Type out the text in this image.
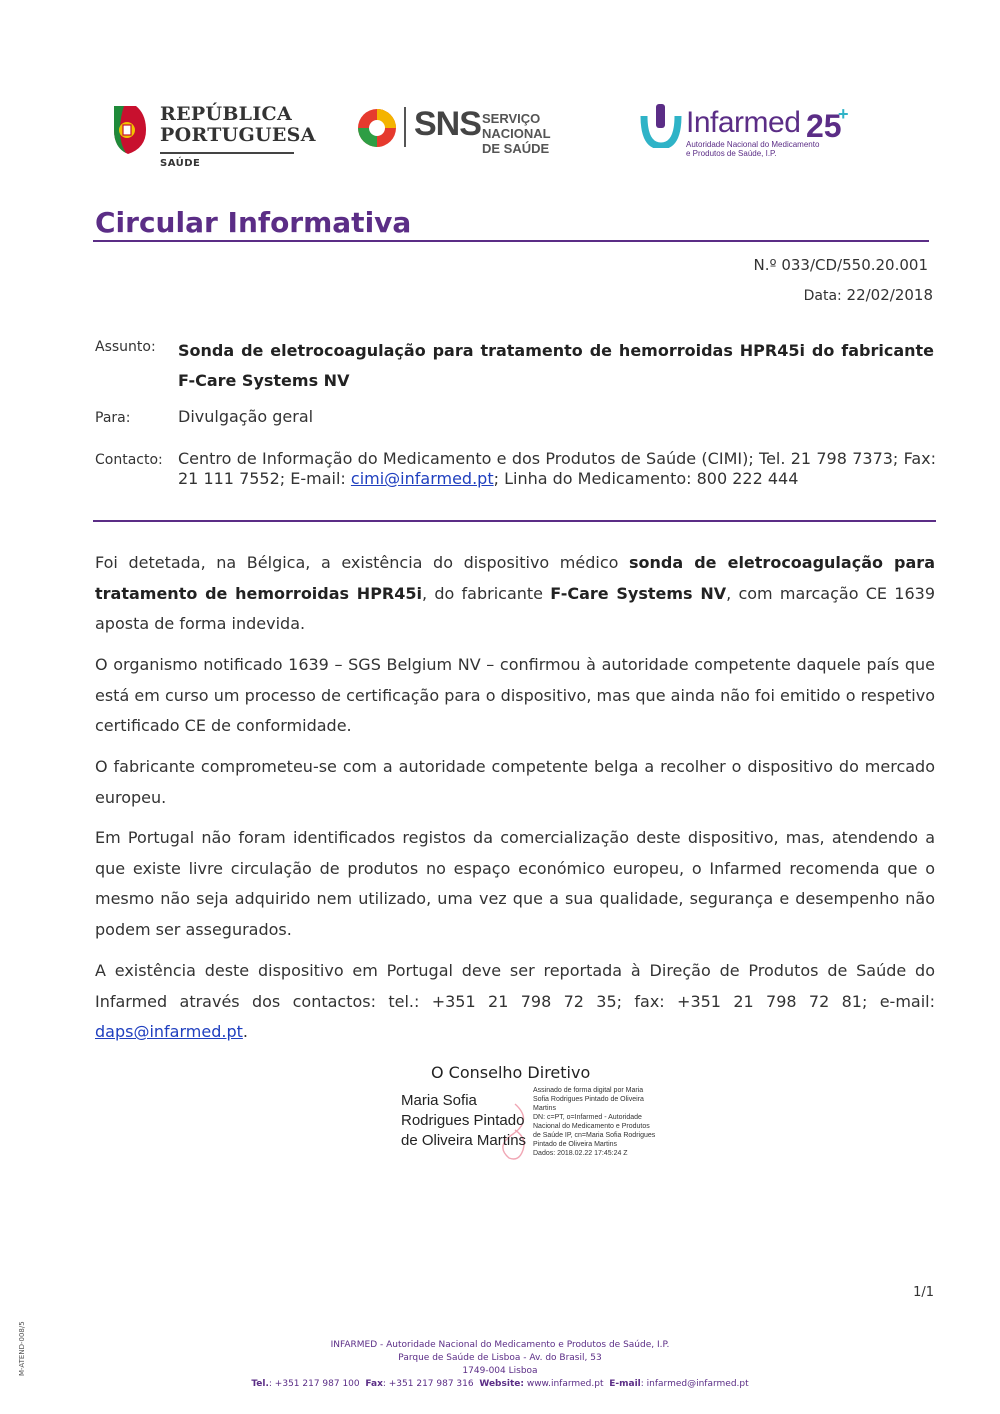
REPÚBLICA
PORTUGUESA
SAÚDE
SNS SERVIÇO NACIONAL
DE SAÚDE
Infarmed 25
+
Autoridade Nacional do Medicamento
e Produtos de Saúde, I.P.
Circular Informativa
N.º 033/CD/550.20.001
Data: 22/02/2018
Assunto: Sonda de eletrocoagulação para tratamento de hemorroidas HPR45i do fabricante F-Care Systems NV
Para:	Divulgação geral
Contacto: Centro de Informação do Medicamento e dos Produtos de Saúde (CIMI); Tel. 21 798 7373; Fax: 21 111 7552; E-mail: cimi@infarmed.pt; Linha do Medicamento: 800 222 444
Foi detetada, na Bélgica, a existência do dispositivo médico sonda de eletrocoagulação para tratamento de hemorroidas HPR45i, do fabricante F-Care Systems NV, com marcação CE 1639 aposta de forma indevida.
O organismo notificado 1639 – SGS Belgium NV – confirmou à autoridade competente daquele país que está em curso um processo de certificação para o dispositivo, mas que ainda não foi emitido o respetivo certificado CE de conformidade.
O fabricante comprometeu-se com a autoridade competente belga a recolher o dispositivo do mercado europeu.
Em Portugal não foram identificados registos da comercialização deste dispositivo, mas, atendendo a que existe livre circulação de produtos no espaço económico europeu, o Infarmed recomenda que o mesmo não seja adquirido nem utilizado, uma vez que a sua qualidade, segurança e desempenho não podem ser assegurados.
A existência deste dispositivo em Portugal deve ser reportada à Direção de Produtos de Saúde do Infarmed através dos contactos: tel.: +351 21 798 72 35; fax: +351 21 798 72 81; e-mail: daps@infarmed.pt.
O Conselho Diretivo
Maria Sofia
Rodrigues Pintado
de Oliveira Martins
Assinado de forma digital por Maria
Sofia Rodrigues Pintado de Oliveira
Martins
DN: c=PT, o=Infarmed - Autoridade
Nacional do Medicamento e Produtos
de Saúde IP, cn=Maria Sofia Rodrigues
Pintado de Oliveira Martins
Dados: 2018.02.22 17:45:24 Z
1/1
M-ATEND-008/5	INFARMED - Autoridade Nacional do Medicamento e Produtos de Saúde, I.P.
Parque de Saúde de Lisboa - Av. do Brasil, 53
1749-004 Lisboa
Tel.: +351 217 987 100 Fax: +351 217 987 316 Website: www.infarmed.pt E-mail: infarmed@infarmed.pt
